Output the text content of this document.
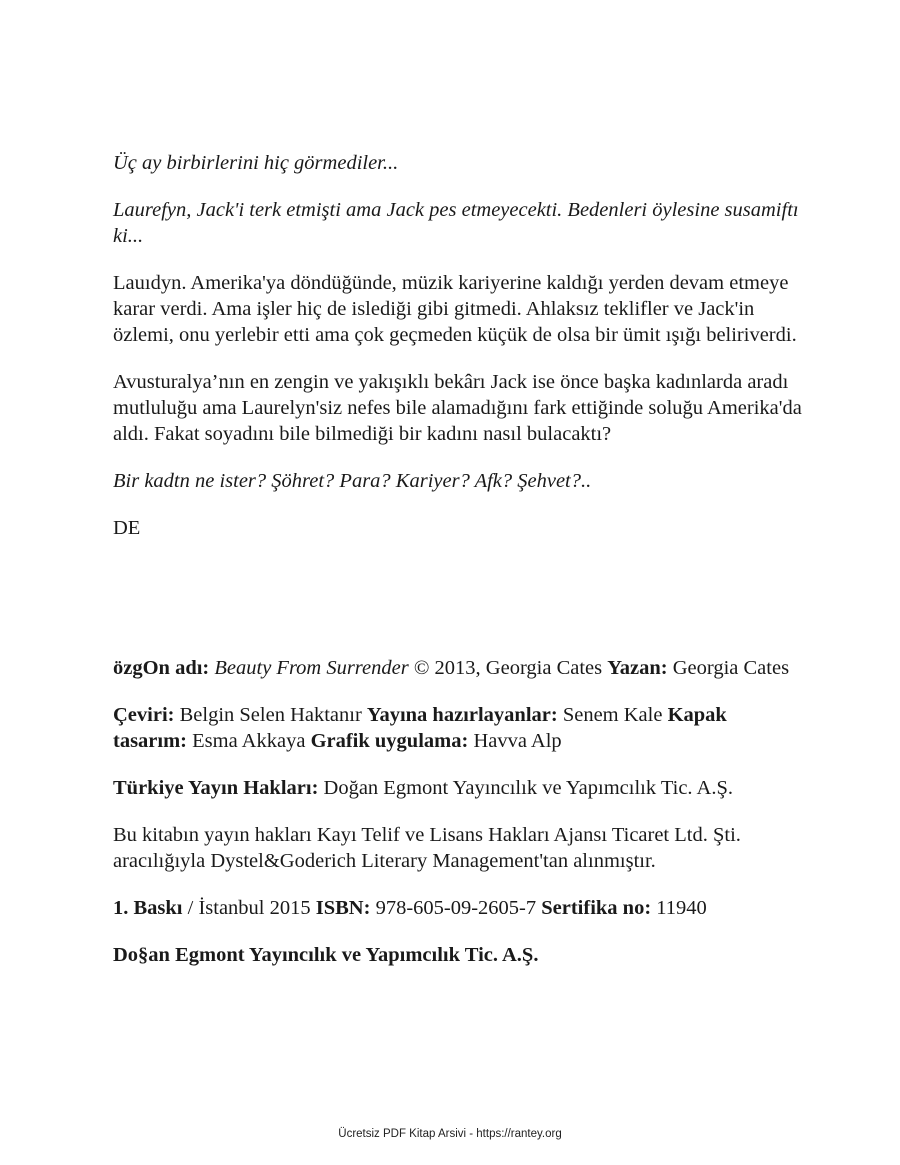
Üç ay birbirlerini hiç görmediler...

Laurefyn, Jack'i terk etmişti ama Jack pes etmeyecekti. Bedenleri öylesine susamiftı ki...

Lauıdyn. Amerika'ya döndüğünde, müzik kariyerine kaldığı yerden devam etmeye karar verdi. Ama işler hiç de islediği gibi gitmedi. Ahlaksız teklifler ve Jack'in özlemi, onu yerlebir etti ama çok geçmeden küçük de olsa bir ümit ışığı beliriverdi.

Avusturalya’nın en zengin ve yakışıklı bekârı Jack ise önce başka kadınlarda aradı mutluluğu ama Laurelyn'siz nefes bile alamadığını fark ettiğinde soluğu Amerika'da aldı. Fakat soyadını bile bilmediği bir kadını nasıl bulacaktı?

Bir kadtn ne ister? Şöhret? Para? Kariyer? Afk? Şehvet?..

DE

özgOn adı: Beauty From Surrender © 2013, Georgia Cates Yazan: Georgia Cates

Çeviri: Belgin Selen Haktanır Yayına hazırlayanlar: Senem Kale Kapak tasarım: Esma Akkaya Grafik uygulama: Havva Alp

Türkiye Yayın Hakları: Doğan Egmont Yayıncılık ve Yapımcılık Tic. A.Ş.

Bu kitabın yayın hakları Kayı Telif ve Lisans Hakları Ajansı Ticaret Ltd. Şti. aracılığıyla Dystel&Goderich Literary Management'tan alınmıştır.

1. Baskı / İstanbul 2015 ISBN: 978-605-09-2605-7 Sertifika no: 11940

Do§an Egmont Yayıncılık ve Yapımcılık Tic. A.Ş.

Ücretsiz PDF Kitap Arsivi - https://rantey.org
